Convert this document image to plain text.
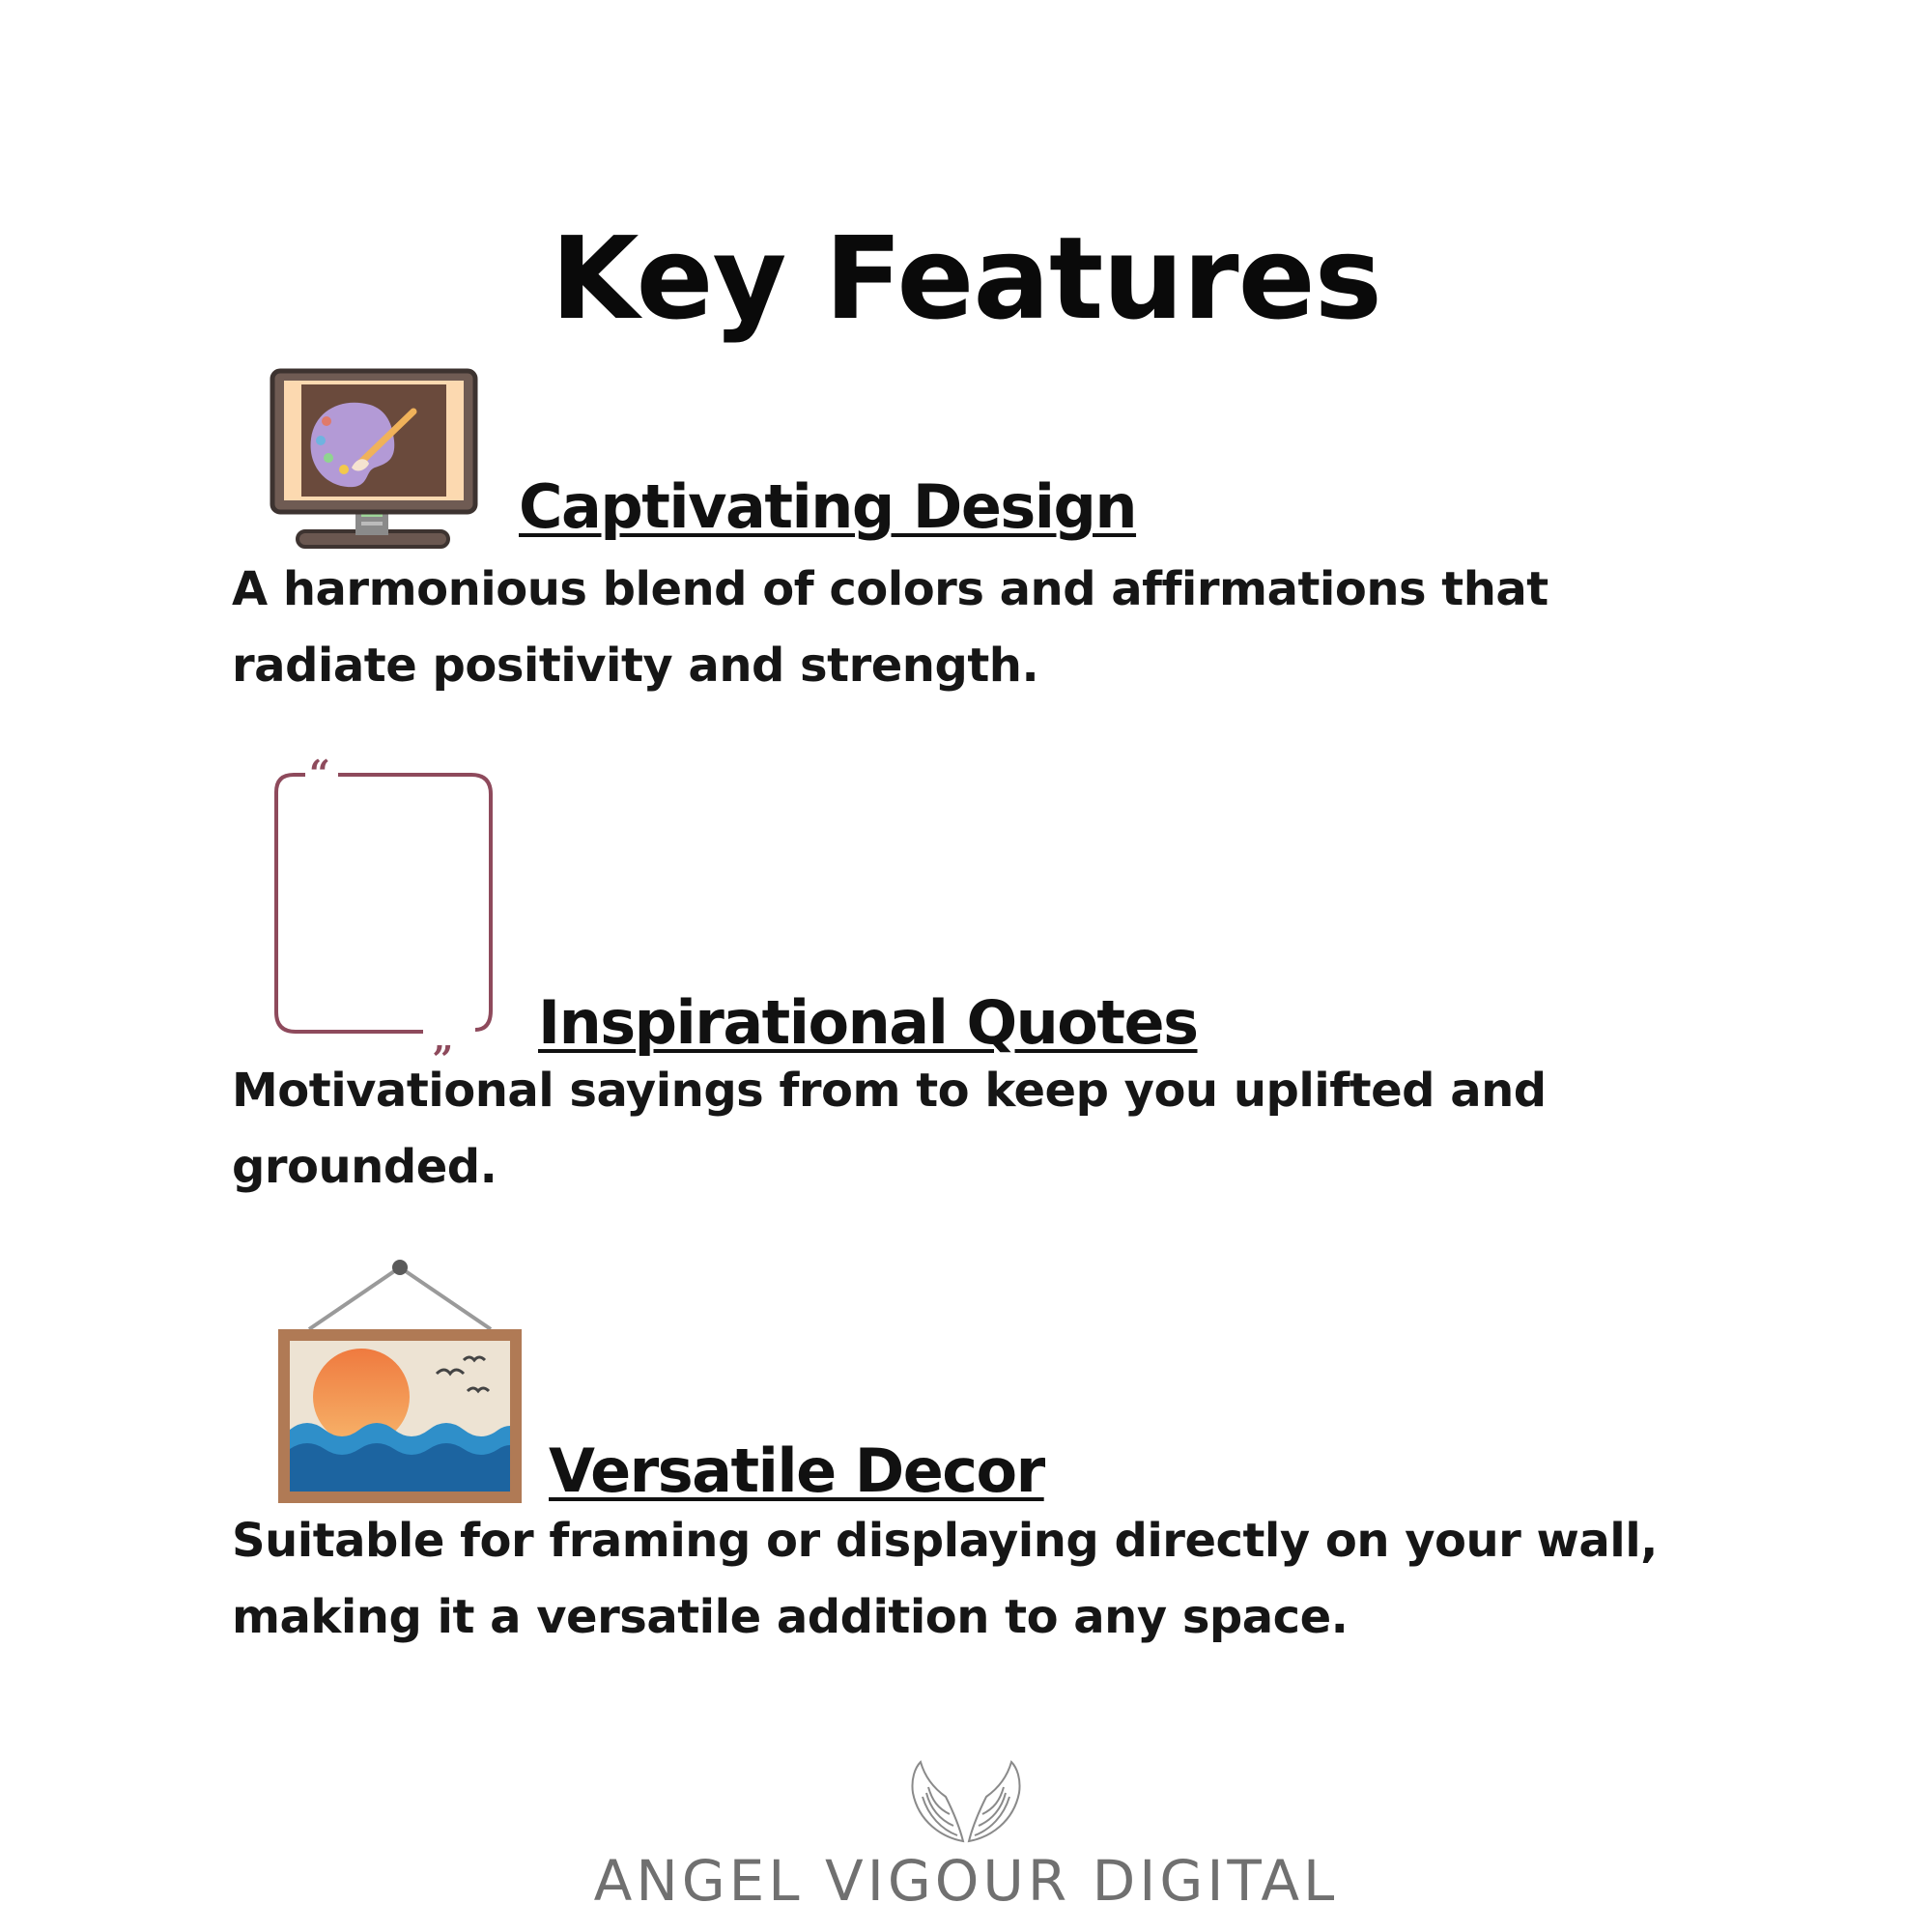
Key Features
Captivating Design

A harmonious blend of colors and affirmations that radiate positivity and strength.

“
„ Inspirational Quotes

Motivational sayings from to keep you uplifted and grounded.

Versatile Decor

Suitable for framing or displaying directly on your wall, making it a versatile addition to any space.

ANGEL VIGOUR DIGITAL
